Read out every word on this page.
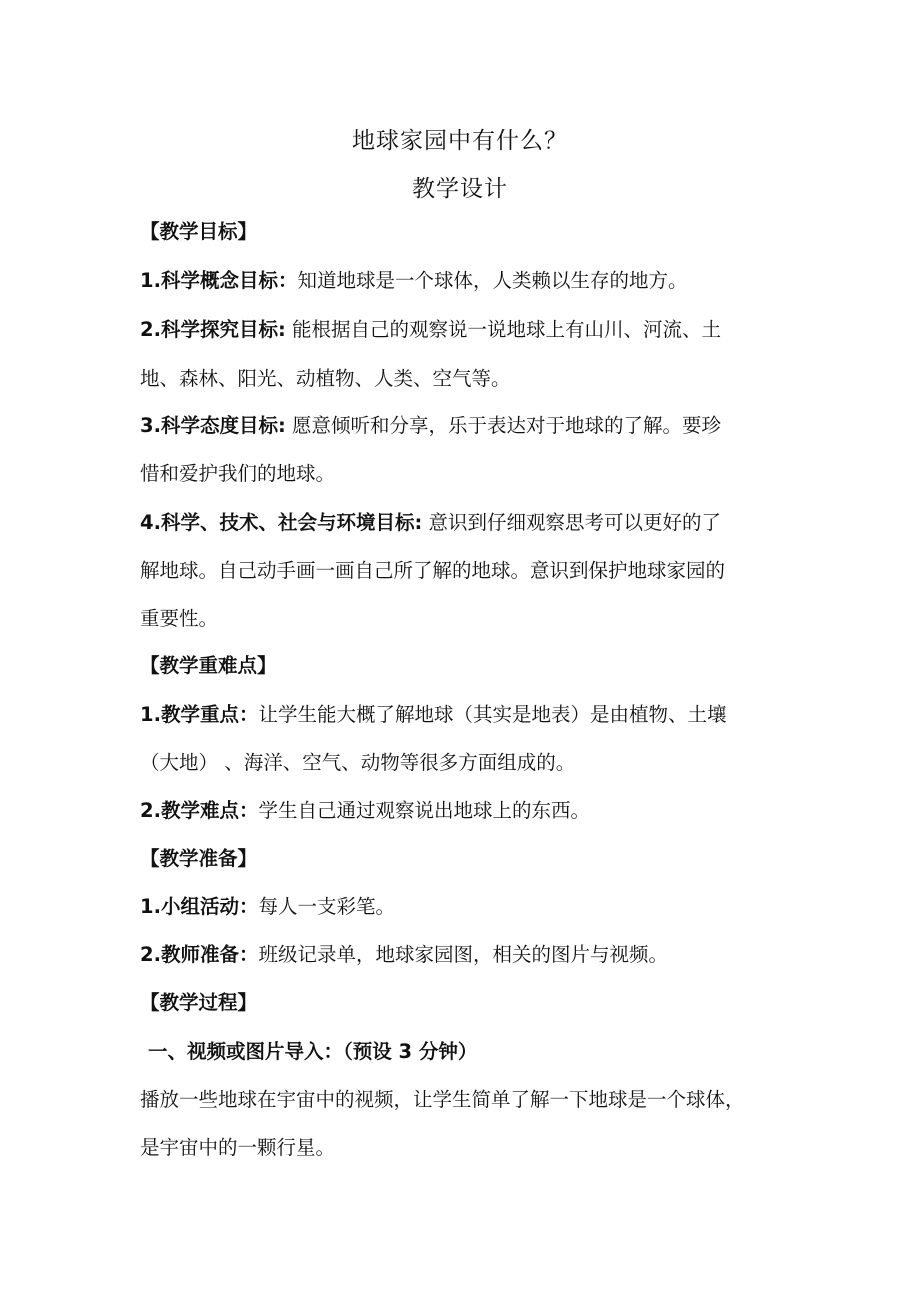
地球家园中有什么？
教学设计
【教学目标】
1.科学概念目标：知道地球是一个球体，人类赖以生存的地方。
2.科学探究目标: 能根据自己的观察说一说地球上有山川、河流、土
地、森林、阳光、动植物、人类、空气等。
3.科学态度目标: 愿意倾听和分享，乐于表达对于地球的了解。要珍
惜和爱护我们的地球。
4.科学、技术、社会与环境目标: 意识到仔细观察思考可以更好的了
解地球。自己动手画一画自己所了解的地球。意识到保护地球家园的
重要性。
【教学重难点】
1.教学重点：让学生能大概了解地球（其实是地表）是由植物、土壤
（大地） 、海洋、空气、动物等很多方面组成的。
2.教学难点：学生自己通过观察说出地球上的东西。
【教学准备】
1.小组活动：每人一支彩笔。
2.教师准备：班级记录单，地球家园图，相关的图片与视频。
【教学过程】
一、视频或图片导入：（预设 3 分钟）
播放一些地球在宇宙中的视频，让学生简单了解一下地球是一个球体，
是宇宙中的一颗行星。
